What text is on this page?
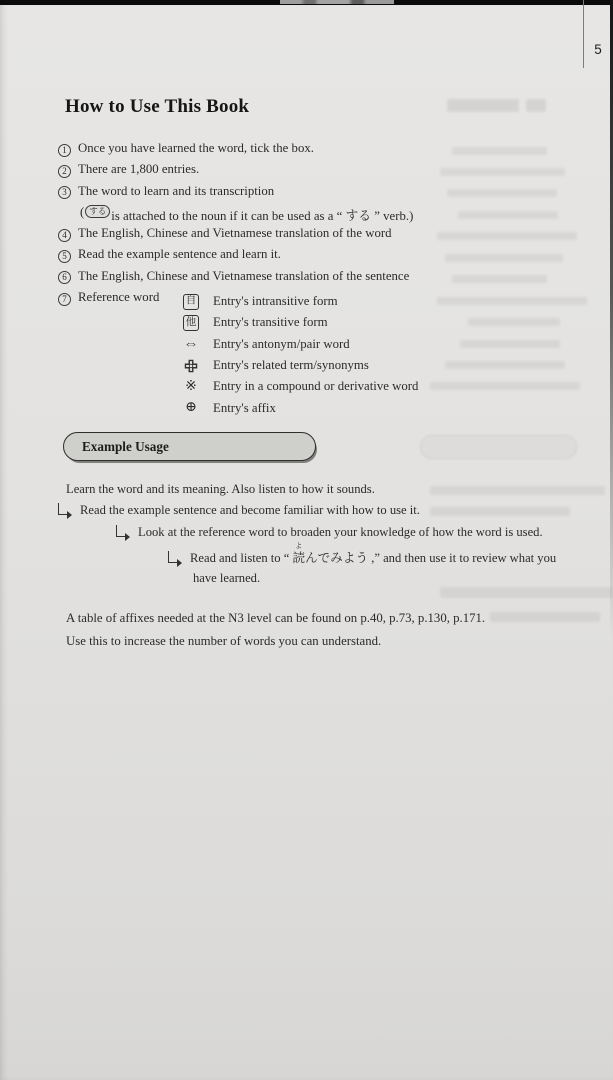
5
How to Use This Book
1 Once you have learned the word, tick the box.
2 There are 1,800 entries.
3 The word to learn and its transcription
( する is attached to the noun if it can be used as a “ する ” verb.)
4 The English, Chinese and Vietnamese translation of the word
5 Read the example sentence and learn it.
6 The English, Chinese and Vietnamese translation of the sentence
7 Reference word	自 Entry's intransitive form
他 Entry's transitive form
⇔ Entry's antonym/pair word
Entry's related term/synonyms
※ Entry in a compound or derivative word
⊕ Entry's affix
Example Usage
Learn the word and its meaning. Also listen to how it sounds.
Read the example sentence and become familiar with how to use it.
Look at the reference word to broaden your knowledge of how the word is used.
Read and listen to “ 読
よ
んでみよう ,” and then use it to review what you
have learned.
A table of affixes needed at the N3 level can be found on p.40, p.73, p.130, p.171.
Use this to increase the number of words you can understand.
